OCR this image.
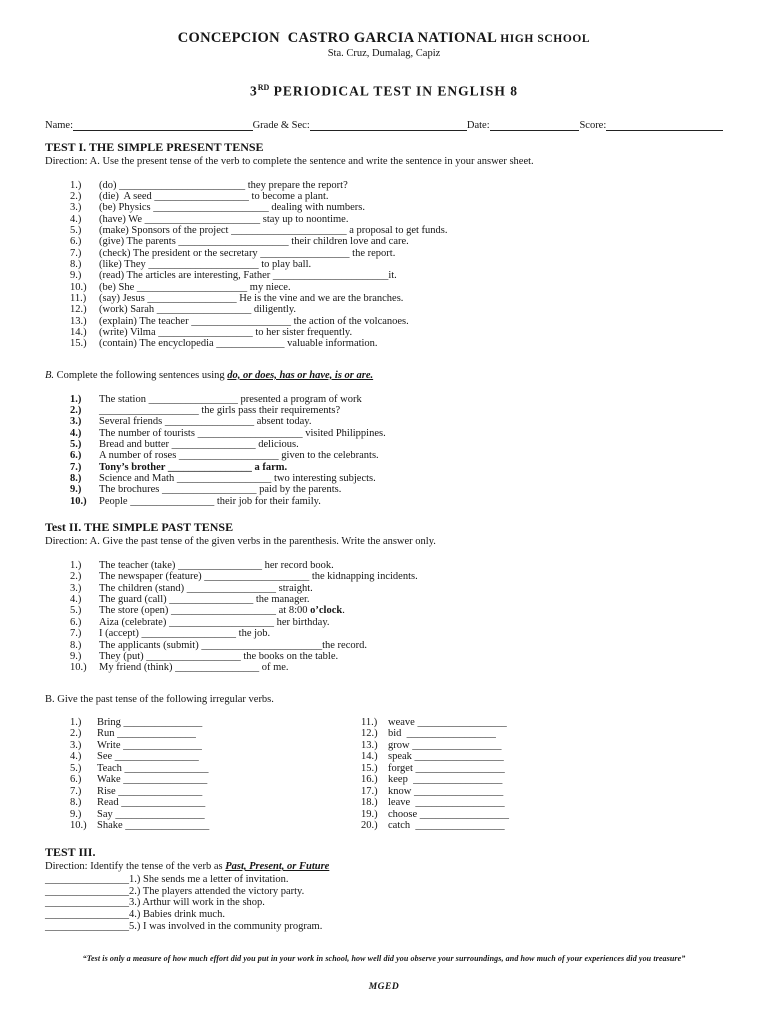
CONCEPCION  CASTRO GARCIA NATIONAL HIGH SCHOOL
Sta. Cruz, Dumalag, Capiz
3RD PERIODICAL TEST IN ENGLISH 8
Name:	Grade & Sec:	Date:	Score:
TEST I. THE SIMPLE PRESENT TENSE
Direction: A. Use the present tense of the verb to complete the sentence and write the sentence in your answer sheet.
1.)	(do) ________________________ they prepare the report?
2.)	(die)  A seed __________________ to become a plant.
3.)	(be) Physics ______________________ dealing with numbers.
4.)	(have) We ______________________ stay up to noontime.
5.)	(make) Sponsors of the project ______________________ a proposal to get funds.
6.)	(give) The parents _____________________ their children love and care.
7.)	(check) The president or the secretary _________________ the report.
8.)	(like) They _____________________ to play ball.
9.)	(read) The articles are interesting, Father ______________________it.
10.)	(be) She _____________________ my niece.
11.)	(say) Jesus _________________ He is the vine and we are the branches.
12.)	(work) Sarah __________________ diligently.
13.)	(explain) The teacher ___________________ the action of the volcanoes.
14.)	(write) Vilma __________________ to her sister frequently.
15.)	(contain) The encyclopedia _____________ valuable information.
B. Complete the following sentences using do, or does, has or have, is or are.
1.)	The station _________________ presented a program of work
2.)	___________________ the girls pass their requirements?
3.)	Several friends _________________ absent today.
4.)	The number of tourists ____________________ visited Philippines.
5.)	Bread and butter ________________ delicious.
6.)	A number of roses ___________________ given to the celebrants.
7.)	Tony’s brother ________________ a farm.
8.)	Science and Math __________________ two interesting subjects.
9.)	The brochures __________________ paid by the parents.
10.)	People ________________ their job for their family.
Test II. THE SIMPLE PAST TENSE
Direction: A. Give the past tense of the given verbs in the parenthesis. Write the answer only.
1.)	The teacher (take) ________________ her record book.
2.)	The newspaper (feature) ____________________ the kidnapping incidents.
3.)	The children (stand) _________________ straight.
4.)	The guard (call) ________________ the manager.
5.)	The store (open) ____________________ at 8:00 o’clock.
6.)	Aiza (celebrate) ____________________ her birthday.
7.)	I (accept) __________________ the job.
8.)	The applicants (submit) _______________________the record.
9.)	They (put) __________________ the books on the table.
10.)	My friend (think) ________________ of me.
B. Give the past tense of the following irregular verbs.
1.)	Bring _______________
2.)	Run _______________
3.)	Write _______________
4.)	See ________________
5.)	Teach ________________
6.)	Wake ________________
7.)	Rise ________________
8.)	Read ________________
9.)	Say _________________
10.) Shake ________________
11.)	weave _________________
12.) bid  _________________
13.) grow _________________
14.) speak _________________
15.) forget _________________
16.) keep  _________________
17.) know _________________
18.) leave  _________________
19.) choose _________________
20.) catch  _________________
TEST III.
Direction: Identify the tense of the verb as Past, Present, or Future
________________1.) She sends me a letter of invitation.
________________2.) The players attended the victory party.
________________3.) Arthur will work in the shop.
________________4.) Babies drink much.
________________5.) I was involved in the community program.
“Test is only a measure of how much effort did you put in your work in school, how well did you observe your surroundings, and how much of your experiences did you treasure”
MGED
